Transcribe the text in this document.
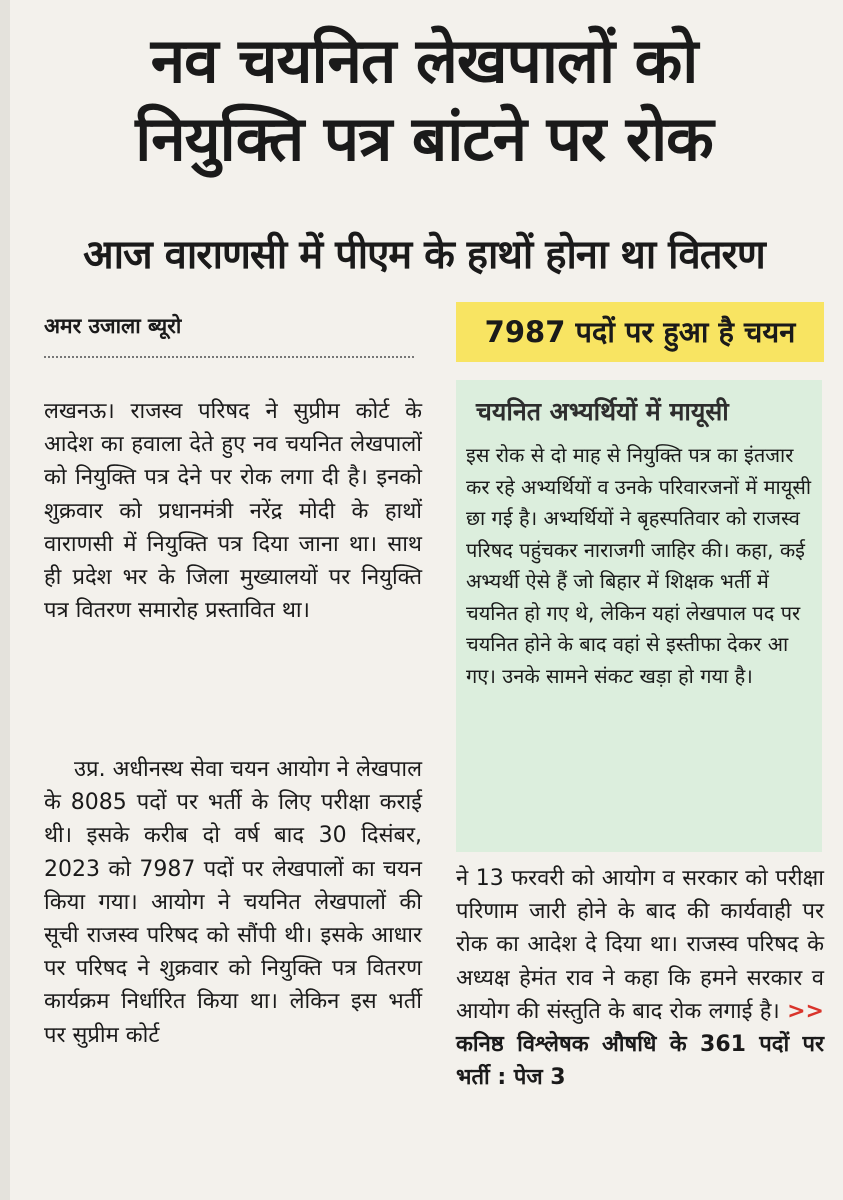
नव चयनित लेखपालों को
नियुक्ति पत्र बांटने पर रोक
आज वाराणसी में पीएम के हाथों होना था वितरण
अमर उजाला ब्यूरो	7987 पदों पर हुआ है चयन

लखनऊ। राजस्व परिषद ने सुप्रीम कोर्ट के आदेश का हवाला देते हुए नव चयनित लेखपालों को नियुक्ति पत्र देने पर रोक लगा दी है। इनको शुक्रवार को प्रधानमंत्री नरेंद्र मोदी के हाथों वाराणसी में नियुक्ति पत्र दिया जाना था। साथ ही प्रदेश भर के जिला मुख्यालयों पर नियुक्ति पत्र वितरण समारोह प्रस्तावित था।

उप्र. अधीनस्थ सेवा चयन आयोग ने लेखपाल के 8085 पदों पर भर्ती के लिए परीक्षा कराई थी। इसके करीब दो वर्ष बाद 30 दिसंबर, 2023 को 7987 पदों पर लेखपालों का चयन किया गया। आयोग ने चयनित लेखपालों की सूची राजस्व परिषद को सौंपी थी। इसके आधार पर परिषद ने शुक्रवार को नियुक्ति पत्र वितरण कार्यक्रम निर्धारित किया था। लेकिन इस भर्ती पर सुप्रीम कोर्ट

चयनित अभ्यर्थियों में मायूसी

इस रोक से दो माह से नियुक्ति पत्र का इंतजार कर रहे अभ्यर्थियों व उनके परिवारजनों में मायूसी छा गई है। अभ्यर्थियों ने बृहस्पतिवार को राजस्व परिषद पहुंचकर नाराजगी जाहिर की। कहा, कई अभ्यर्थी ऐसे हैं जो बिहार में शिक्षक भर्ती में चयनित हो गए थे, लेकिन यहां लेखपाल पद पर चयनित होने के बाद वहां से इस्तीफा देकर आ गए। उनके सामने संकट खड़ा हो गया है।

ने 13 फरवरी को आयोग व सरकार को परीक्षा परिणाम जारी होने के बाद की कार्यवाही पर रोक का आदेश दे दिया था। राजस्व परिषद के अध्यक्ष हेमंत राव ने कहा कि हमने सरकार व आयोग की संस्तुति के बाद रोक लगाई है। >> कनिष्ठ विश्लेषक औषधि के 361 पदों पर भर्ती : पेज 3
